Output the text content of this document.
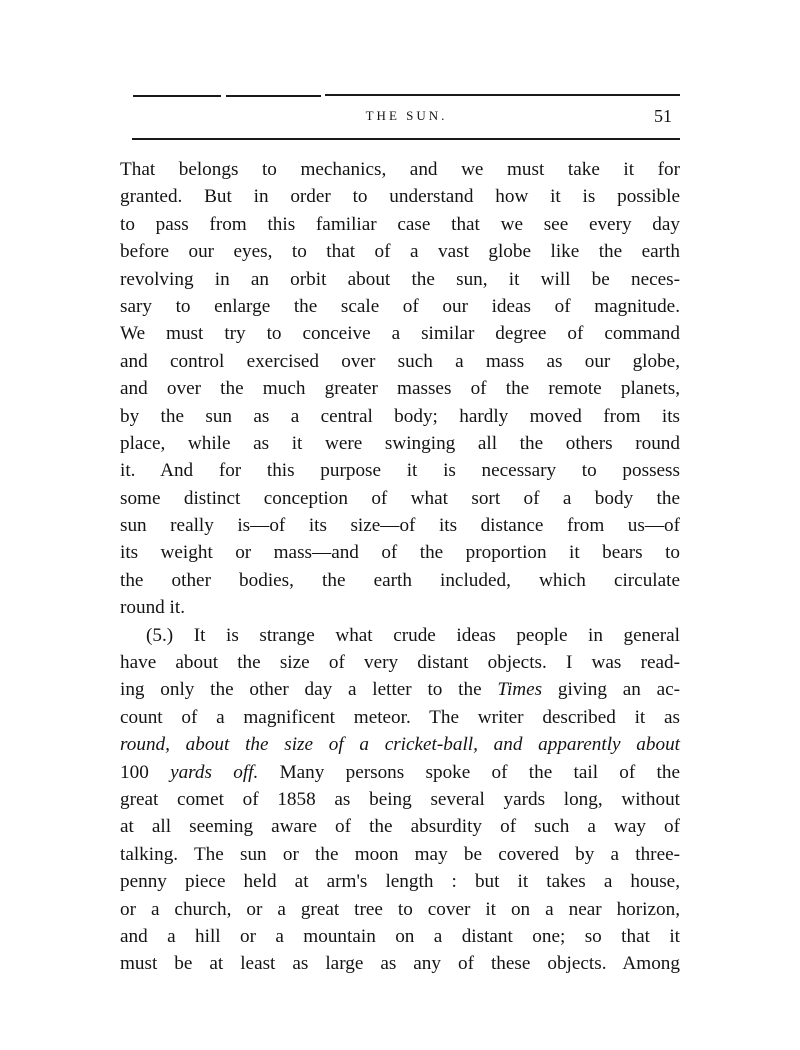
THE SUN.	51
That belongs to mechanics, and we must take it for
granted. But in order to understand how it is possible
to pass from this familiar case that we see every day
before our eyes, to that of a vast globe like the earth
revolving in an orbit about the sun, it will be neces-
sary to enlarge the scale of our ideas of magnitude.
We must try to conceive a similar degree of command
and control exercised over such a mass as our globe,
and over the much greater masses of the remote planets,
by the sun as a central body; hardly moved from its
place, while as it were swinging all the others round
it. And for this purpose it is necessary to possess
some distinct conception of what sort of a body the
sun really is—of its size—of its distance from us—of
its weight or mass—and of the proportion it bears to
the other bodies, the earth included, which circulate
round it.
(5.) It is strange what crude ideas people in general
have about the size of very distant objects. I was read-
ing only the other day a letter to the Times giving an ac-
count of a magnificent meteor. The writer described it as
round, about the size of a cricket-ball, and apparently about
100 yards off. Many persons spoke of the tail of the
great comet of 1858 as being several yards long, without
at all seeming aware of the absurdity of such a way of
talking. The sun or the moon may be covered by a three-
penny piece held at arm's length : but it takes a house,
or a church, or a great tree to cover it on a near horizon,
and a hill or a mountain on a distant one; so that it
must be at least as large as any of these objects. Among
